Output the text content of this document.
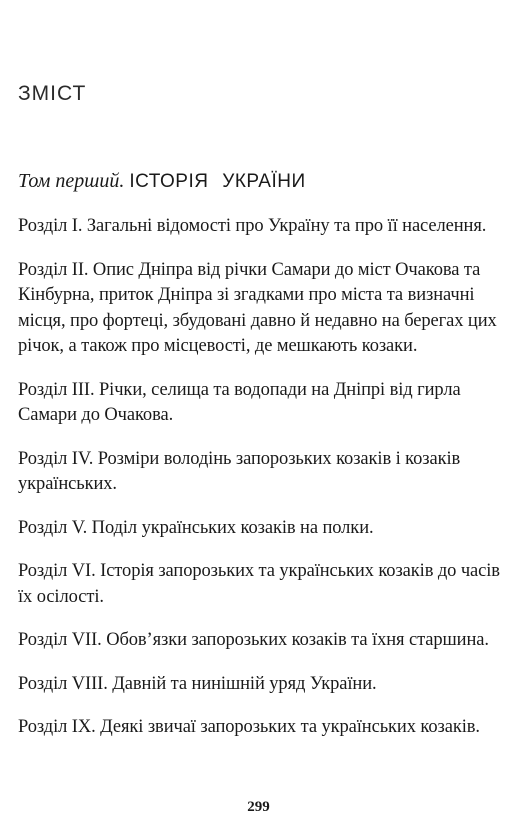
ЗМІСТ

Том перший. ІСТОРІЯ УКРАЇНИ

Розділ І. Загальні відомості про Україну та про її населення.
Розділ ІІ. Опис Дніпра від річки Самари до міст Очакова та Кінбурна, приток Дніпра зі згадками про міста та визначні місця, про фортеці, збудовані давно й недавно на берегах цих річок, а також про місцевості, де мешкають козаки.
Розділ ІІІ. Річки, селища та водопади на Дніпрі від гирла Самари до Очакова.
Розділ IV. Розміри володінь запорозьких козаків і козаків українських.
Розділ V. Поділ українських козаків на полки.
Розділ VI. Історія запорозьких та українських козаків до часів їх осілості.
Розділ VII. Обов’язки запорозьких козаків та їхня старшина.
Розділ VIII. Давній та нинішній уряд України.
Розділ IX. Деякі звичаї запорозьких та українських козаків.
299
